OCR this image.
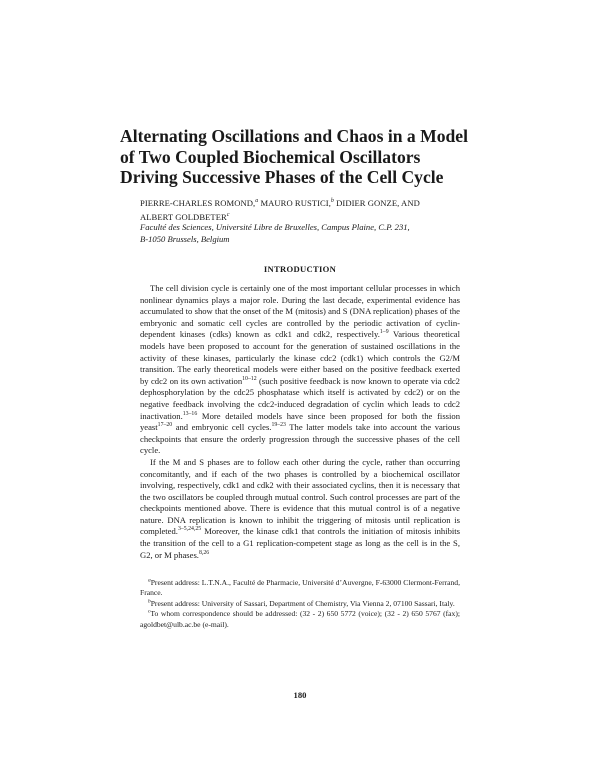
Alternating Oscillations and Chaos in a Model
of Two Coupled Biochemical Oscillators
Driving Successive Phases of the Cell Cycle
PIERRE-CHARLES ROMOND,$^a$ MAURO RUSTICI,$^b$ DIDIER GONZE, AND
ALBERT GOLDBETER$^c$
Faculté des Sciences, Université Libre de Bruxelles, Campus Plaine, C.P. 231,
B-1050 Brussels, Belgium
INTRODUCTION

The cell division cycle is certainly one of the most important cellular processes in which nonlinear dynamics plays a major role. During the last decade, experimental evidence has accumulated to show that the onset of the M (mitosis) and S (DNA replication) phases of the embryonic and somatic cell cycles are controlled by the periodic activation of cyclin-dependent kinases (cdks) known as cdk1 and cdk2, respectively.$^{1-9}$ Various theoretical models have been proposed to account for the generation of sustained oscillations in the activity of these kinases, particularly the kinase cdc2 (cdk1) which controls the G2/M transition. The early theoretical models were either based on the positive feedback exerted by cdc2 on its own activation$^{10-12}$ (such positive feedback is now known to operate via cdc2 dephosphorylation by the cdc25 phosphatase which itself is activated by cdc2) or on the negative feedback involving the cdc2-induced degradation of cyclin which leads to cdc2 inactivation.$^{13-16}$ More detailed models have since been proposed for both the fission yeast$^{17-20}$ and embryonic cell cycles.$^{19-23}$ The latter models take into account the various checkpoints that ensure the orderly progression through the successive phases of the cell cycle.

If the M and S phases are to follow each other during the cycle, rather than occurring concomitantly, and if each of the two phases is controlled by a biochemical oscillator involving, respectively, cdk1 and cdk2 with their associated cyclins, then it is necessary that the two oscillators be coupled through mutual control. Such control processes are part of the checkpoints mentioned above. There is evidence that this mutual control is of a negative nature. DNA replication is known to inhibit the triggering of mitosis until replication is completed.$^{3-5,24,25}$ Moreover, the kinase cdk1 that controls the initiation of mitosis inhibits the transition of the cell to a G1 replication-competent stage as long as the cell is in the S, G2, or M phases.$^{8,26}$

$^a$Present address: L.T.N.A., Faculté de Pharmacie, Université d’Auvergne, F-63000 Clermont-Ferrand, France.

$^b$Present address: University of Sassari, Department of Chemistry, Via Vienna 2, 07100 Sassari, Italy.

$^c$To whom correspondence should be addressed: (32 - 2) 650 5772 (voice); (32 - 2) 650 5767 (fax); agoldbet@ulb.ac.be (e-mail).

180
